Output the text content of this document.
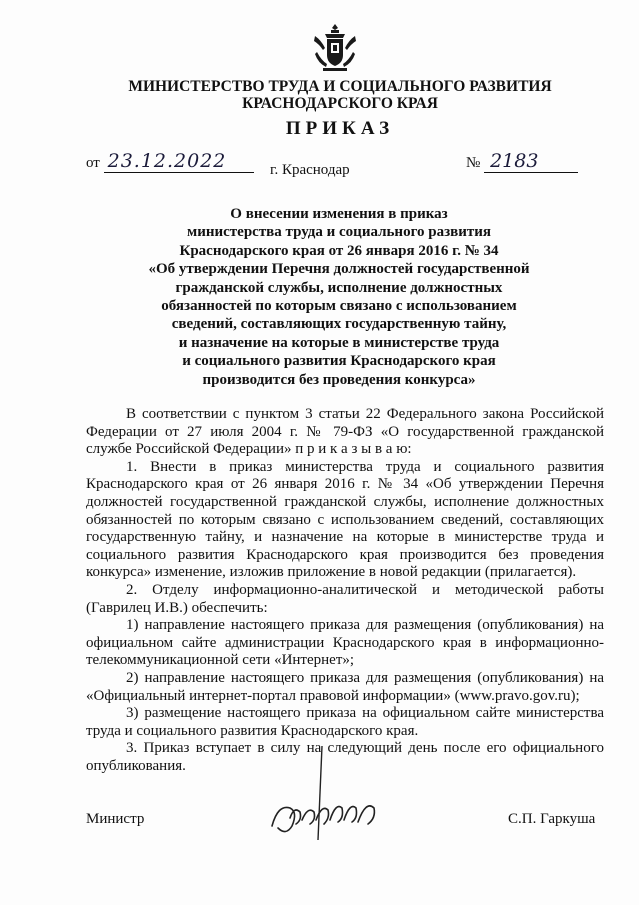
МИНИСТЕРСТВО ТРУДА И СОЦИАЛЬНОГО РАЗВИТИЯ
КРАСНОДАРСКОГО КРАЯ
ПРИКАЗ
от 23.12.2022	№ 2183
г. Краснодар
О внесении изменения в приказ
министерства труда и социального развития
Краснодарского края от 26 января 2016 г. № 34
«Об утверждении Перечня должностей государственной
гражданской службы, исполнение должностных
обязанностей по которым связано с использованием
сведений, составляющих государственную тайну,
и назначение на которые в министерстве труда
и социального развития Краснодарского края
производится без проведения конкурса»

В соответствии с пунктом 3 статьи 22 Федерального закона Российской Федерации от 27 июля 2004 г. № 79-ФЗ «О государственной гражданской службе Российской Федерации» п р и к а з ы в а ю:

1. Внести в приказ министерства труда и социального развития Краснодарского края от 26 января 2016 г. № 34 «Об утверждении Перечня должностей государственной гражданской службы, исполнение должностных обязанностей по которым связано с использованием сведений, составляющих государственную тайну, и назначение на которые в министерстве труда и социального развития Краснодарского края производится без проведения конкурса» изменение, изложив приложение в новой редакции (прилагается).

2. Отделу информационно-аналитической и методической работы (Гаврилец И.В.) обеспечить:

1) направление настоящего приказа для размещения (опубликования) на официальном сайте администрации Краснодарского края в информационно-телекоммуникационной сети «Интернет»;

2) направление настоящего приказа для размещения (опубликования) на «Официальный интернет-портал правовой информации» (www.pravo.gov.ru);

3) размещение настоящего приказа на официальном сайте министерства труда и социального развития Краснодарского края.

3. Приказ вступает в силу на следующий день после его официального опубликования.

Министр	С.П. Гаркуша
